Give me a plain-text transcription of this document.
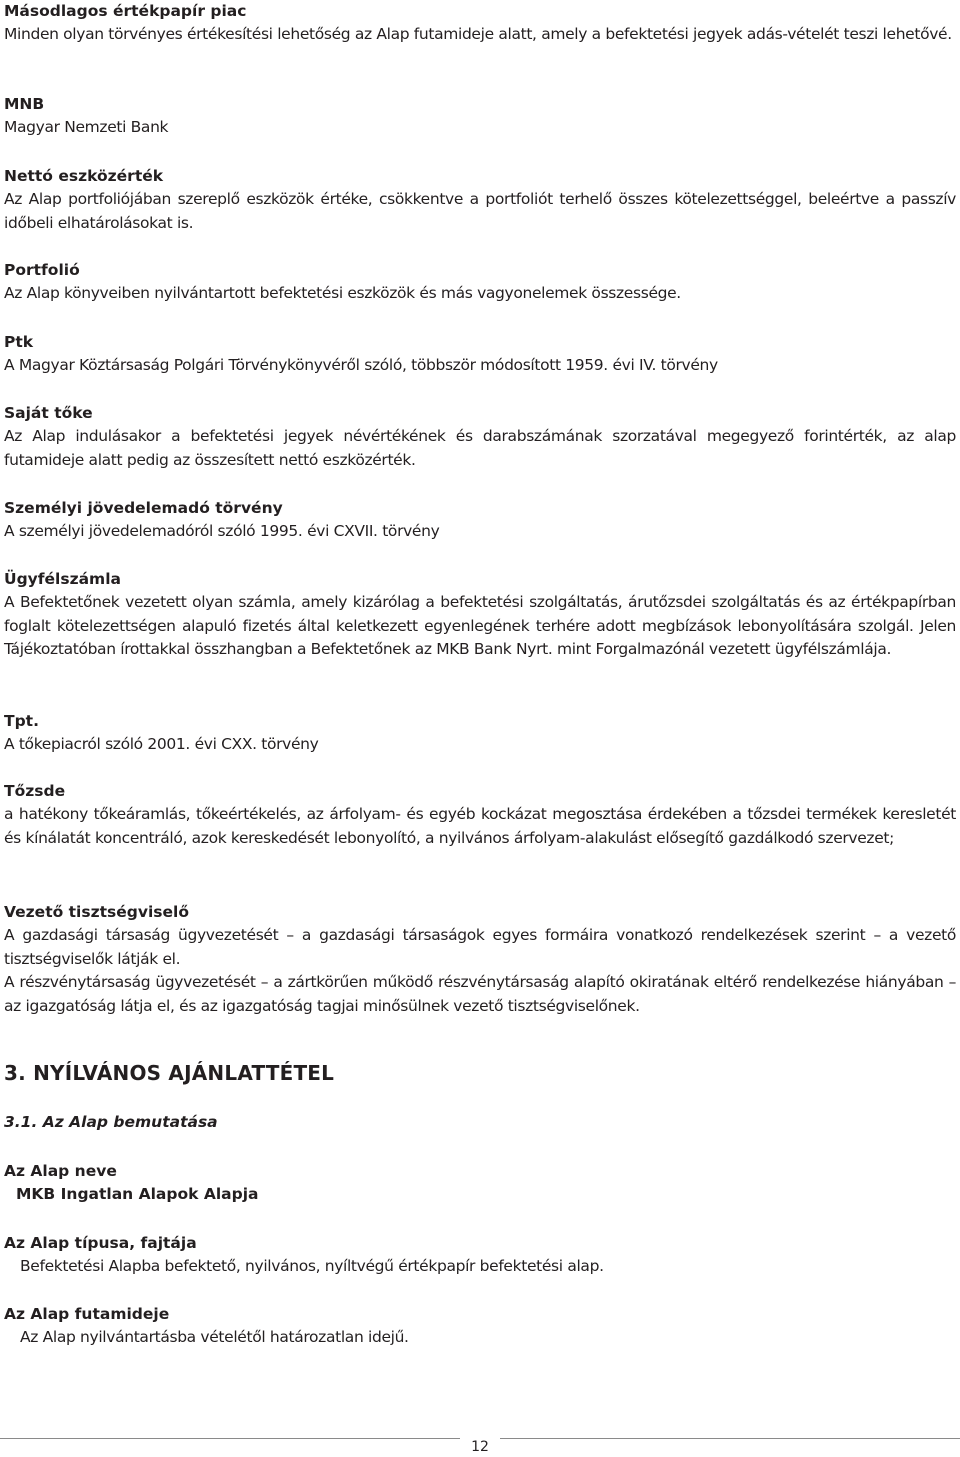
Másodlagos értékpapír piac

Minden olyan törvényes értékesítési lehetőség az Alap futamideje alatt, amely a befektetési jegyek adás-vételét teszi lehetővé.

MNB

Magyar Nemzeti Bank

Nettó eszközérték

Az Alap portfoliójában szereplő eszközök értéke, csökkentve a portfoliót terhelő összes kötelezettséggel, beleértve a passzív időbeli elhatárolásokat is.

Portfolió

Az Alap könyveiben nyilvántartott befektetési eszközök és más vagyonelemek összessége.

Ptk

A Magyar Köztársaság Polgári Törvénykönyvéről szóló, többször módosított 1959. évi IV. törvény

Saját tőke

Az Alap indulásakor a befektetési jegyek névértékének és darabszámának szorzatával megegyező forintérték, az alap futamideje alatt pedig az összesített nettó eszközérték.

Személyi jövedelemadó törvény

A személyi jövedelemadóról szóló 1995. évi CXVII. törvény

Ügyfélszámla

A Befektetőnek vezetett olyan számla, amely kizárólag a befektetési szolgáltatás, árutőzsdei szolgáltatás és az értékpapírban foglalt kötelezettségen alapuló fizetés által keletkezett egyenlegének terhére adott megbízások lebonyolítására szolgál. Jelen Tájékoztatóban írottakkal összhangban a Befektetőnek az MKB Bank Nyrt. mint Forgalmazónál vezetett ügyfélszámlája.

Tpt.

A tőkepiacról szóló 2001. évi CXX. törvény

Tőzsde

a hatékony tőkeáramlás, tőkeértékelés, az árfolyam- és egyéb kockázat megosztása érdekében a tőzsdei termékek keresletét és kínálatát koncentráló, azok kereskedését lebonyolító, a nyilvános árfolyam-alakulást elősegítő gazdálkodó szervezet;

Vezető tisztségviselő

A gazdasági társaság ügyvezetését – a gazdasági társaságok egyes formáira vonatkozó rendelkezések szerint – a vezető tisztségviselők látják el.

A részvénytársaság ügyvezetését – a zártkörűen működő részvénytársaság alapító okiratának eltérő rendelkezése hiányában – az igazgatóság látja el, és az igazgatóság tagjai minősülnek vezető tisztségviselőnek.

3. NYÍLVÁNOS AJÁNLATTÉTEL
3.1. Az Alap bemutatása

Az Alap neve

MKB Ingatlan Alapok Alapja

Az Alap típusa, fajtája

Befektetési Alapba befektető, nyilvános, nyíltvégű értékpapír befektetési alap.

Az Alap futamideje

Az Alap nyilvántartásba vételétől határozatlan idejű.

12
